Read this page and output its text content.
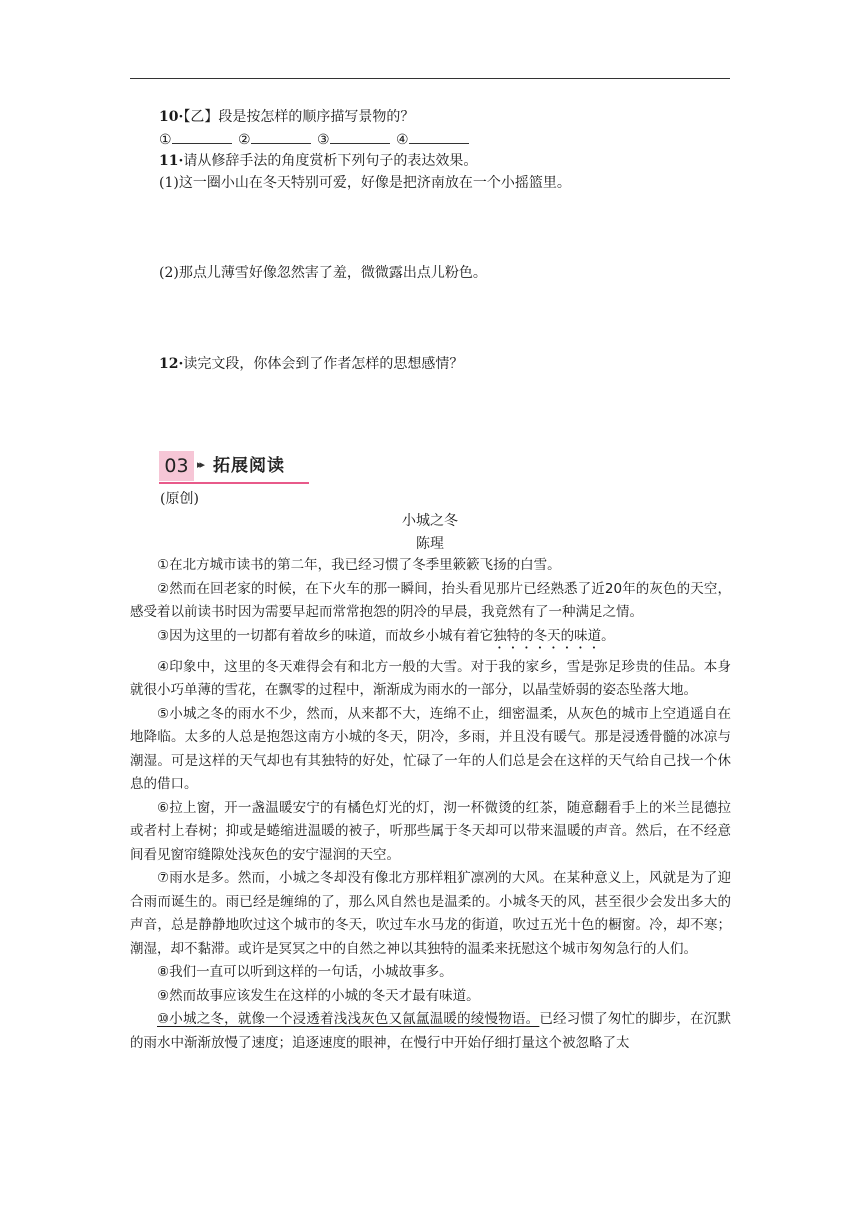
10·【乙】段是按怎样的顺序描写景物的？
①	②	③	④
11·请从修辞手法的角度赏析下列句子的表达效果。
(1)这一圈小山在冬天特别可爱，好像是把济南放在一个小摇篮里。
(2)那点儿薄雪好像忽然害了羞，微微露出点儿粉色。
12·读完文段，你体会到了作者怎样的思想感情？
03 ▸▸ 拓展阅读
(原创)
小城之冬
陈瑆

①在北方城市读书的第二年，我已经习惯了冬季里簌簌飞扬的白雪。

②然而在回老家的时候，在下火车的那一瞬间，抬头看见那片已经熟悉了近20年的灰色的天空，感受着以前读书时因为需要早起而常常抱怨的阴冷的早晨，我竟然有了一种满足之情。

③因为这里的一切都有着故乡的味道，而故乡小城有着它独特的冬天的味道。

④印象中，这里的冬天难得会有和北方一般的大雪。对于我的家乡，雪是弥足珍贵的佳品。本身就很小巧单薄的雪花，在飘零的过程中，渐渐成为雨水的一部分，以晶莹娇弱的姿态坠落大地。

⑤小城之冬的雨水不少，然而，从来都不大，连绵不止，细密温柔，从灰色的城市上空逍遥自在地降临。太多的人总是抱怨这南方小城的冬天，阴冷，多雨，并且没有暖气。那是浸透骨髓的冰凉与潮湿。可是这样的天气却也有其独特的好处，忙碌了一年的人们总是会在这样的天气给自己找一个休息的借口。

⑥拉上窗，开一盏温暖安宁的有橘色灯光的灯，沏一杯微烫的红茶，随意翻看手上的米兰昆德拉或者村上春树；抑或是蜷缩进温暖的被子，听那些属于冬天却可以带来温暖的声音。然后，在不经意间看见窗帘缝隙处浅灰色的安宁湿润的天空。

⑦雨水是多。然而，小城之冬却没有像北方那样粗犷凛冽的大风。在某种意义上，风就是为了迎合雨而诞生的。雨已经是缠绵的了，那么风自然也是温柔的。小城冬天的风，甚至很少会发出多大的声音，总是静静地吹过这个城市的冬天，吹过车水马龙的街道，吹过五光十色的橱窗。冷，却不寒；潮湿，却不黏滞。或许是冥冥之中的自然之神以其独特的温柔来抚慰这个城市匆匆急行的人们。

⑧我们一直可以听到这样的一句话，小城故事多。

⑨然而故事应该发生在这样的小城的冬天才最有味道。

⑩小城之冬，就像一个浸透着浅浅灰色又氤氲温暖的绫慢物语。已经习惯了匆忙的脚步，在沉默的雨水中渐渐放慢了速度；追逐速度的眼神，在慢行中开始仔细打量这个被忽略了太
